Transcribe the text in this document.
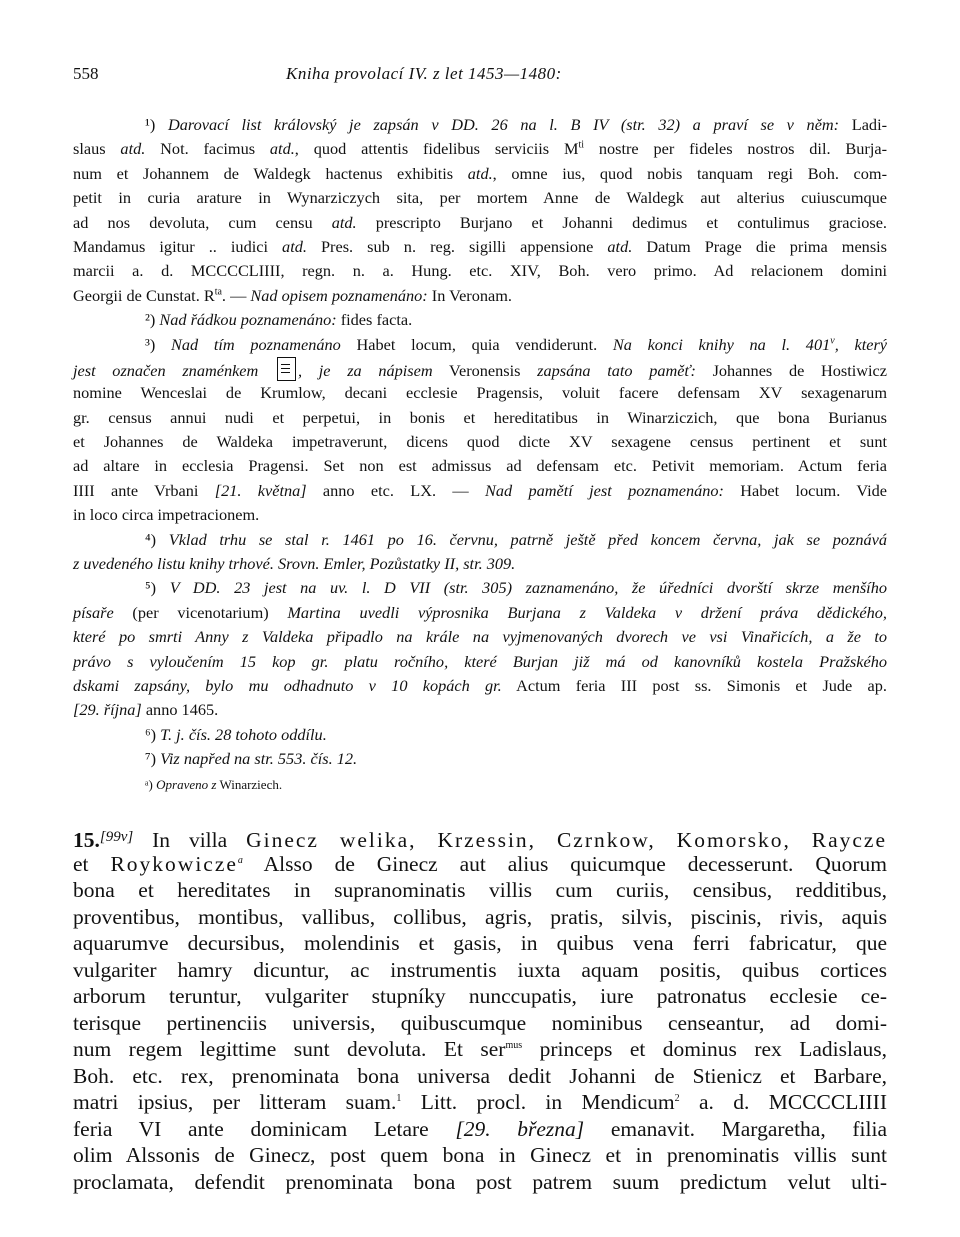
558	Kniha provolací IV. z let 1453—1480:
¹) Darovací list královský je zapsán v DD. 26 na l. B IV (str. 32) a praví se v něm: Ladi-
slaus atd. Not. facimus atd., quod attentis fidelibus serviciis $M^{ti}$ nostre per fideles nostros dil. Burja-
num et Johannem de Waldegk hactenus exhibitis atd., omne ius, quod nobis tanquam regi Boh. com-
petit in curia arature in Wynarziczych sita, per mortem Anne de Waldegk aut alterius cuiuscumque
ad nos devoluta, cum censu atd. prescripto Burjano et Johanni dedimus et contulimus graciose.
Mandamus igitur .. iudici atd. Pres. sub n. reg. sigilli appensione atd. Datum Prage die prima mensis
marcii a. d. MCCCCLIIII, regn. n. a. Hung. etc. XIV, Boh. vero primo. Ad relacionem domini
Georgii de Cunstat. $R^{ta}$. — Nad opisem poznamenáno: In Veronam.
²) Nad řádkou poznamenáno: fides facta.
³) Nad tím poznamenáno Habet locum, quia vendiderunt. Na konci knihy na l. 401$^v$, který
jest označen znaménkem , je za nápisem Veronensis zapsána tato paměť: Johannes de Hostiwicz
nomine Wenceslai de Krumlow, decani ecclesie Pragensis, voluit facere defensam XV sexagenarum
gr. census annui nudi et perpetui, in bonis et hereditatibus in Winarziczich, que bona Burianus
et Johannes de Waldeka impetraverunt, dicens quod dicte XV sexagene census pertinent et sunt
ad altare in ecclesia Pragensi. Set non est admissus ad defensam etc. Petivit memoriam. Actum feria
IIII ante Vrbani [21. května] anno etc. LX. — Nad pamětí jest poznamenáno: Habet locum. Vide
in loco circa impetracionem.
⁴) Vklad trhu se stal r. 1461 po 16. červnu, patrně ještě před koncem června, jak se poznává
z uvedeného listu knihy trhové. Srovn. Emler, Pozůstatky II, str. 309.
⁵) V DD. 23 jest na uv. l. D VII (str. 305) zaznamenáno, že úředníci dvorští skrze menšího
písaře (per vicenotarium) Martina uvedli výprosnika Burjana z Valdeka v držení práva dědického,
které po smrti Anny z Valdeka připadlo na krále na vyjmenovaných dvorech ve vsi Vinařicích, a že to
právo s vyloučením 15 kop gr. platu ročního, které Burjan již má od kanovníků kostela Pražského
dskami zapsány, bylo mu odhadnuto v 10 kopách gr. Actum feria III post ss. Simonis et Jude ap.
[29. října] anno 1465.
⁶) T. j. čís. 28 tohoto oddílu.
⁷) Viz napřed na str. 553. čís. 12.
ᵃ) Opraveno z Winarziech.
15.[99v] In villa Ginecz welika, Krzessin, Czrnkow, Komorsko, Raycze
et Roykowicze$^a$ Alsso de Ginecz aut alius quicumque decesserunt. Quorum
bona et hereditates in supranominatis villis cum curiis, censibus, redditibus,
proventibus, montibus, vallibus, collibus, agris, pratis, silvis, piscinis, rivis, aquis
aquarumve decursibus, molendinis et gasis, in quibus vena ferri fabricatur, que
vulgariter hamry dicuntur, ac instrumentis iuxta aquam positis, quibus cortices
arborum teruntur, vulgariter stupníky nunccupatis, iure patronatus ecclesie ce-
terisque pertinenciis universis, quibuscumque nominibus censeantur, ad domi-
num regem legittime sunt devoluta. Et ser$^{mus}$ princeps et dominus rex Ladislaus,
Boh. etc. rex, prenominata bona universa dedit Johanni de Stienicz et Barbare,
matri ipsius, per litteram suam.$^1$ Litt. procl. in Mendicum$^2$ a. d. MCCCCLIIII
feria VI ante dominicam Letare [29. března] emanavit. Margaretha, filia
olim Alssonis de Ginecz, post quem bona in Ginecz et in prenominatis villis sunt
proclamata, defendit prenominata bona post patrem suum predictum velut ulti-
